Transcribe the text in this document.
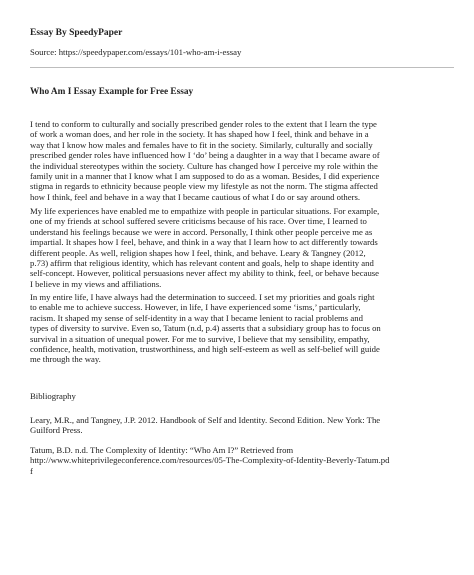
Essay By SpeedyPaper
Source: https://speedypaper.com/essays/101-who-am-i-essay
Who Am I Essay Example for Free Essay
I tend to conform to culturally and socially prescribed gender roles to the extent that I learn the type
of work a woman does, and her role in the society. It has shaped how I feel, think and behave in a
way that I know how males and females have to fit in the society. Similarly, culturally and socially
prescribed gender roles have influenced how I ‘do’ being a daughter in a way that I became aware of
the individual stereotypes within the society. Culture has changed how I perceive my role within the
family unit in a manner that I know what I am supposed to do as a woman. Besides, I did experience
stigma in regards to ethnicity because people view my lifestyle as not the norm. The stigma affected
how I think, feel and behave in a way that I became cautious of what I do or say around others.
My life experiences have enabled me to empathize with people in particular situations. For example,
one of my friends at school suffered severe criticisms because of his race. Over time, I learned to
understand his feelings because we were in accord. Personally, I think other people perceive me as
impartial. It shapes how I feel, behave, and think in a way that I learn how to act differently towards
different people. As well, religion shapes how I feel, think, and behave. Leary & Tangney (2012,
p.73) affirm that religious identity, which has relevant content and goals, help to shape identity and
self-concept. However, political persuasions never affect my ability to think, feel, or behave because
I believe in my views and affiliations.
In my entire life, I have always had the determination to succeed. I set my priorities and goals right
to enable me to achieve success. However, in life, I have experienced some ‘isms,’ particularly,
racism. It shaped my sense of self-identity in a way that I became lenient to racial problems and
types of diversity to survive. Even so, Tatum (n.d, p.4) asserts that a subsidiary group has to focus on
survival in a situation of unequal power. For me to survive, I believe that my sensibility, empathy,
confidence, health, motivation, trustworthiness, and high self-esteem as well as self-belief will guide
me through the way.
Bibliography
Leary, M.R., and Tangney, J.P. 2012. Handbook of Self and Identity. Second Edition. New York: The
Guilford Press.
Tatum, B.D. n.d. The Complexity of Identity: “Who Am I?” Retrieved from
http://www.whiteprivilegeconference.com/resources/05-The-Complexity-of-Identity-Beverly-Tatum.pd
f
